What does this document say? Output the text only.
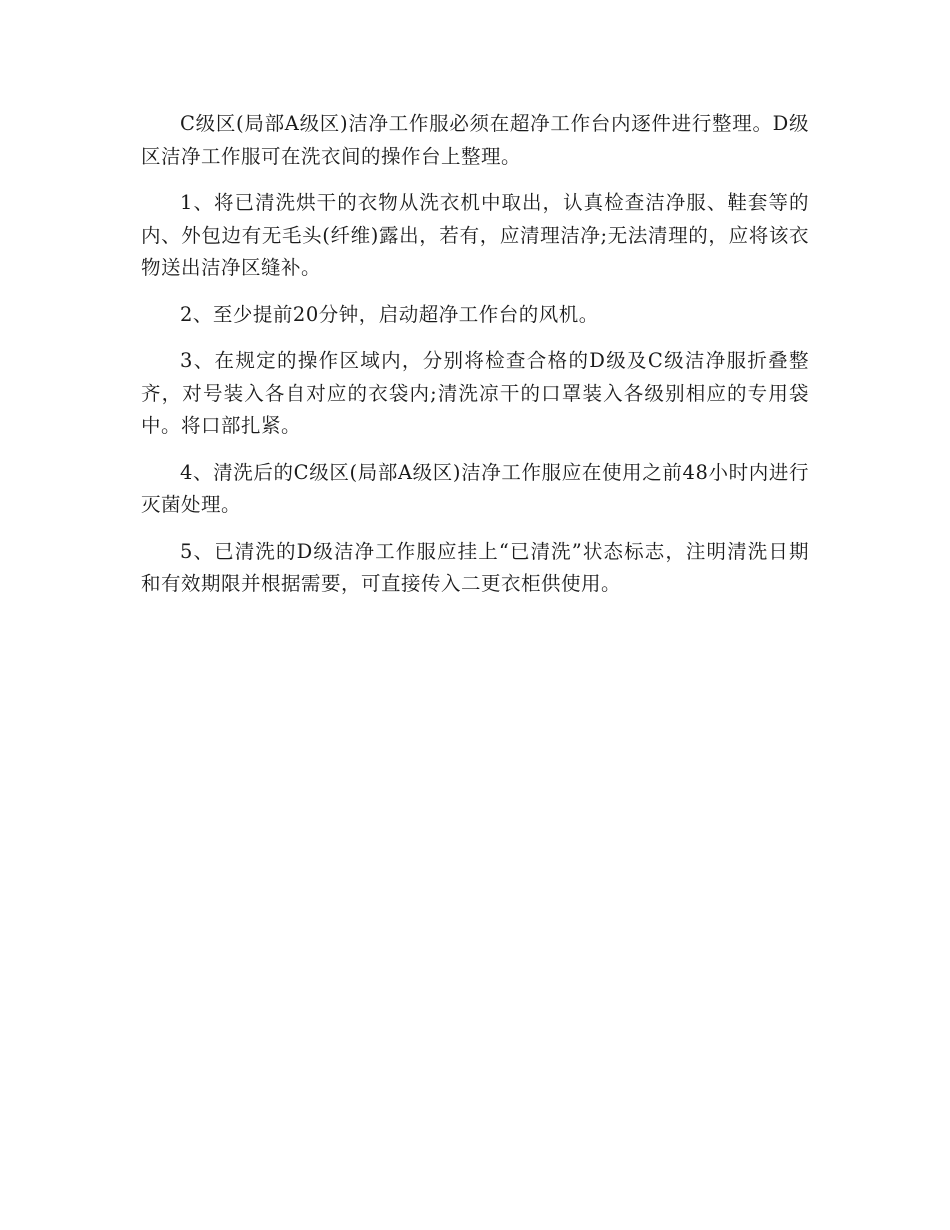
C级区(局部A级区)洁净工作服必须在超净工作台内逐件进行整理。D级区洁净工作服可在洗衣间的操作台上整理。

1、将已清洗烘干的衣物从洗衣机中取出，认真检查洁净服、鞋套等的内、外包边有无毛头(纤维)露出，若有，应清理洁净;无法清理的，应将该衣物送出洁净区缝补。

2、至少提前20分钟，启动超净工作台的风机。

3、在规定的操作区域内，分别将检查合格的D级及C级洁净服折叠整齐，对号装入各自对应的衣袋内;清洗凉干的口罩装入各级别相应的专用袋中。将口部扎紧。

4、清洗后的C级区(局部A级区)洁净工作服应在使用之前48小时内进行灭菌处理。

5、已清洗的D级洁净工作服应挂上“已清洗”状态标志，注明清洗日期和有效期限并根据需要，可直接传入二更衣柜供使用。
